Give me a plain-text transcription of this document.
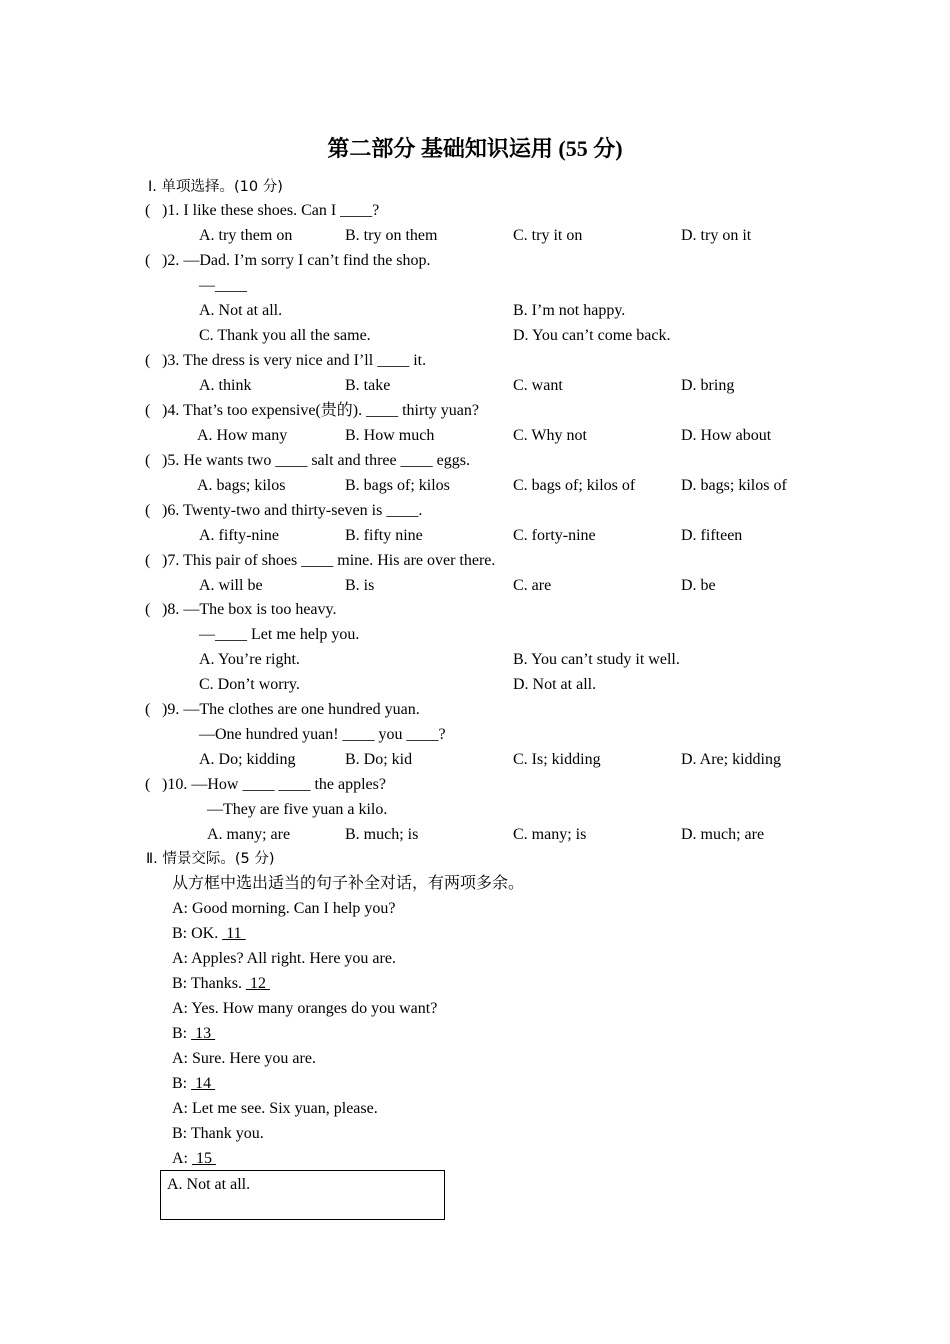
第二部分 基础知识运用 (55 分)
Ⅰ. 单项选择。(10 分)
( )1. I like these shoes. Can I ____?
A. try them on	B. try on them	C. try it on	D. try on it
( )2. —Dad. I’m sorry I can’t find the shop.
—____
A. Not at all.	B. I’m not happy.
C. Thank you all the same.	D. You can’t come back.
( )3. The dress is very nice and I’ll ____ it.
A. think	B. take	C. want	D. bring
( )4. That’s too expensive(贵的). ____ thirty yuan?
A. How many	B. How much	C. Why not	D. How about
( )5. He wants two ____ salt and three ____ eggs.
A. bags; kilos	B. bags of; kilos	C. bags of; kilos of	D. bags; kilos of
( )6. Twenty-two and thirty-seven is ____.
A. fifty-nine	B. fifty nine	C. forty-nine	D. fifteen
( )7. This pair of shoes ____ mine. His are over there.
A. will be	B. is	C. are	D. be
( )8. —The box is too heavy.
—____ Let me help you.
A. You’re right.	B. You can’t study it well.
C. Don’t worry.	D. Not at all.
( )9. —The clothes are one hundred yuan.
—One hundred yuan! ____ you ____?
A. Do; kidding	B. Do; kid	C. Is; kidding	D. Are; kidding
( )10. —How ____ ____ the apples?
—They are five yuan a kilo.
A. many; are	B. much; is	C. many; is	D. much; are
Ⅱ. 情景交际。(5 分)
从方框中选出适当的句子补全对话，有两项多余。
A: Good morning. Can I help you?
B: OK.  11
A: Apples? All right. Here you are.
B: Thanks.  12
A: Yes. How many oranges do you want?
B:  13
A: Sure. Here you are.
B:  14
A: Let me see. Six yuan, please.
B: Thank you.
A:  15
A. Not at all.
